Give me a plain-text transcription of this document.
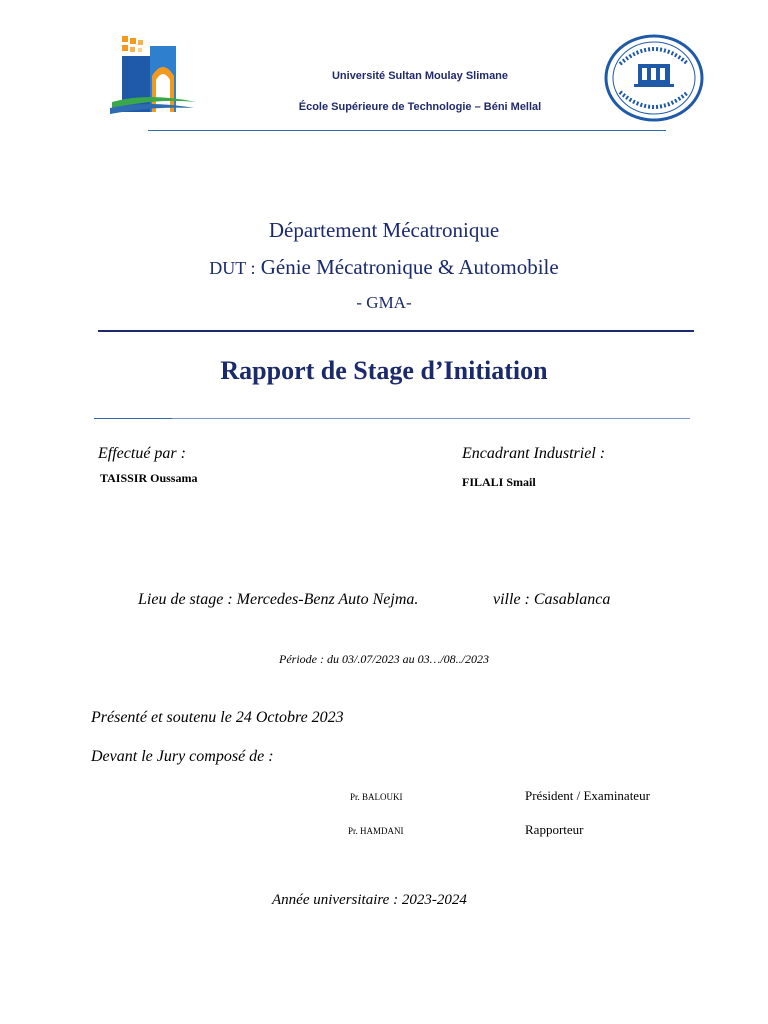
Université Sultan Moulay Slimane
École Supérieure de Technologie – Béni Mellal
Département Mécatronique
DUT : Génie Mécatronique & Automobile
- GMA-
Rapport de Stage d’Initiation
Effectué par :
TAISSIR Oussama
Encadrant Industriel :
FILALI Smail
Lieu de stage : Mercedes-Benz Auto Nejma.	ville : Casablanca
Période : du 03/.07/2023 au 03…/08../2023
Présenté et soutenu le 24 Octobre 2023
Devant le Jury composé de :
Pr. BALOUKI	Président / Examinateur
Pr. HAMDANI	Rapporteur
Année universitaire : 2023-2024
